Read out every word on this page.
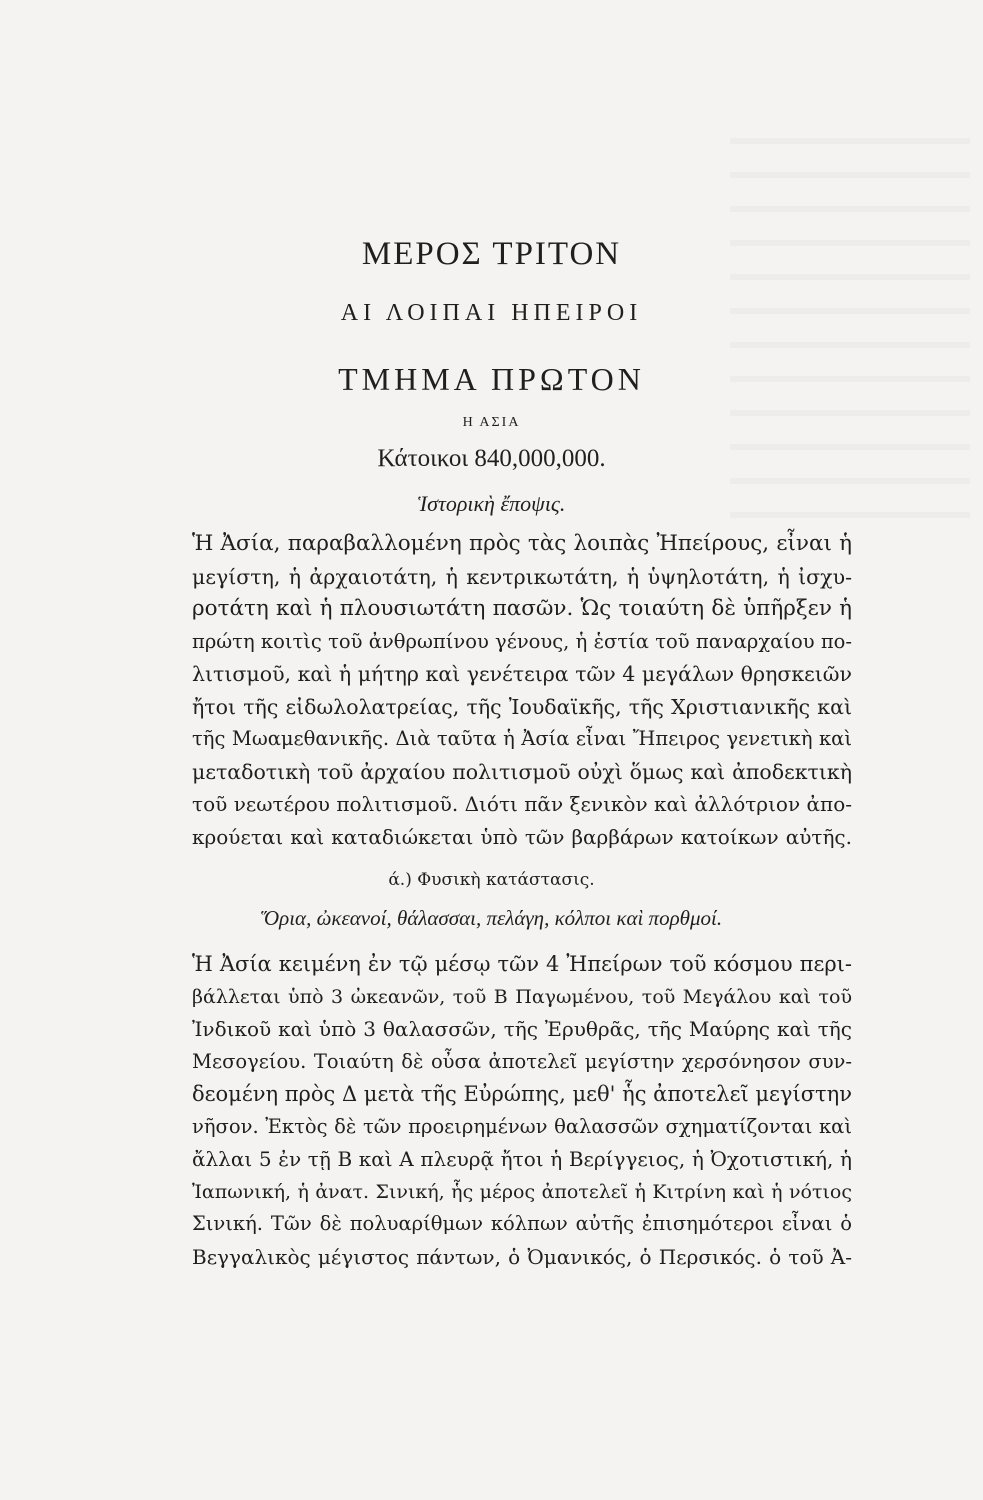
ΜΕΡΟΣ ΤΡΙΤΟΝ
ΑΙ ΛΟΙΠΑΙ ΗΠΕΙΡΟΙ
ΤΜΗΜΑ ΠΡΩΤΟΝ
Η ΑΣΙΑ
Κάτοικοι 840,000,000.
Ἱστορικὴ ἔποψις.
Ἡ Ἀσία, παραβαλλομένη πρὸς τὰς λοιπὰς Ἠπείρους, εἶναι ἡ
μεγίστη, ἡ ἀρχαιοτάτη, ἡ κεντρικωτάτη, ἡ ὑψηλοτάτη, ἡ ἰσχυ-
ροτάτη καὶ ἡ πλουσιωτάτη πασῶν. Ὡς τοιαύτη δὲ ὑπῆρξεν ἡ
πρώτη κοιτὶς τοῦ ἀνθρωπίνου γένους, ἡ ἑστία τοῦ παναρχαίου πο-
λιτισμοῦ, καὶ ἡ μήτηρ καὶ γενέτειρα τῶν 4 μεγάλων θρησκειῶν
ἤτοι τῆς εἰδωλολατρείας, τῆς Ἰουδαϊκῆς, τῆς Χριστιανικῆς καὶ
τῆς Μωαμεθανικῆς. Διὰ ταῦτα ἡ Ἀσία εἶναι Ἤπειρος γενετικὴ καὶ
μεταδοτικὴ τοῦ ἀρχαίου πολιτισμοῦ οὐχὶ ὅμως καὶ ἀποδεκτικὴ
τοῦ νεωτέρου πολιτισμοῦ. Διότι πᾶν ξενικὸν καὶ ἀλλότριον ἀπο-
κρούεται καὶ καταδιώκεται ὑπὸ τῶν βαρβάρων κατοίκων αὐτῆς.
ά.) Φυσικὴ κατάστασις.
Ὅρια, ὠκεανοί, θάλασσαι, πελάγη, κόλποι καὶ πορθμοί.
Ἡ Ἀσία κειμένη ἐν τῷ μέσῳ τῶν 4 Ἠπείρων τοῦ κόσμου περι-
βάλλεται ὑπὸ 3 ὠκεανῶν, τοῦ Β Παγωμένου, τοῦ Μεγάλου καὶ τοῦ
Ἰνδικοῦ καὶ ὑπὸ 3 θαλασσῶν, τῆς Ἐρυθρᾶς, τῆς Μαύρης καὶ τῆς
Μεσογείου. Τοιαύτη δὲ οὖσα ἀποτελεῖ μεγίστην χερσόνησον συν-
δεομένη πρὸς Δ μετὰ τῆς Εὐρώπης, μεθ' ἧς ἀποτελεῖ μεγίστην
νῆσον. Ἐκτὸς δὲ τῶν προειρημένων θαλασσῶν σχηματίζονται καὶ
ἄλλαι 5 ἐν τῇ Β καὶ Α πλευρᾷ ἤτοι ἡ Βερίγγειος, ἡ Ὀχοτιστική, ἡ
Ἰαπωνική, ἡ ἀνατ. Σινική, ἧς μέρος ἀποτελεῖ ἡ Κιτρίνη καὶ ἡ νότιος
Σινική. Τῶν δὲ πολυαρίθμων κόλπων αὐτῆς ἐπισημότεροι εἶναι ὁ
Βεγγαλικὸς μέγιστος πάντων, ὁ Ὀμανικός, ὁ Περσικός. ὁ τοῦ Ἀ-
